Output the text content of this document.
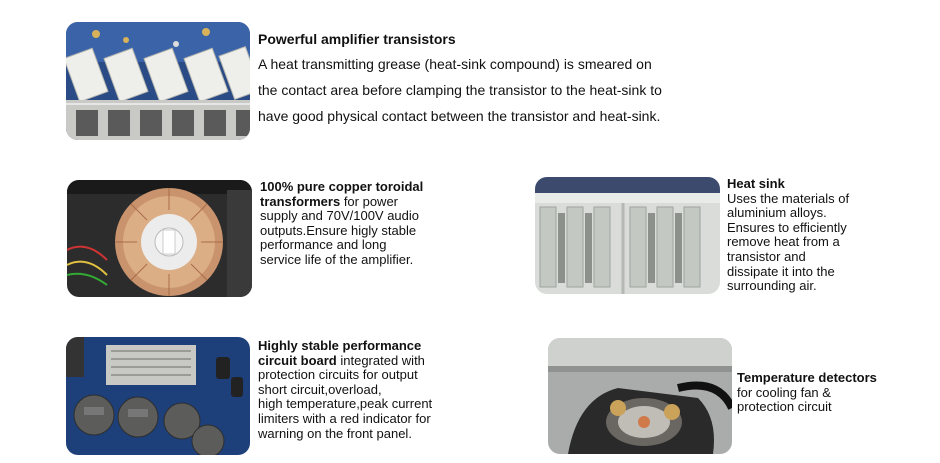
Powerful amplifier transistors
A heat transmitting grease (heat-sink compound) is smeared on
the contact area before clamping the transistor to the heat-sink to
have good physical contact between the transistor and heat-sink.
100% pure copper toroidal
transformers for power
supply and 70V/100V audio
outputs.Ensure higly stable
performance and long
service life of the amplifier.
Heat sink
Uses the materials of
aluminium alloys.
Ensures to efficiently
remove heat from a
transistor and
dissipate it into the
surrounding air.
Highly stable performance
circuit board integrated with
protection circuits for output
short circuit,overload,
high temperature,peak current
limiters with a red indicator for
warning on the front panel.
Temperature detectors
for cooling fan &
protection circuit
